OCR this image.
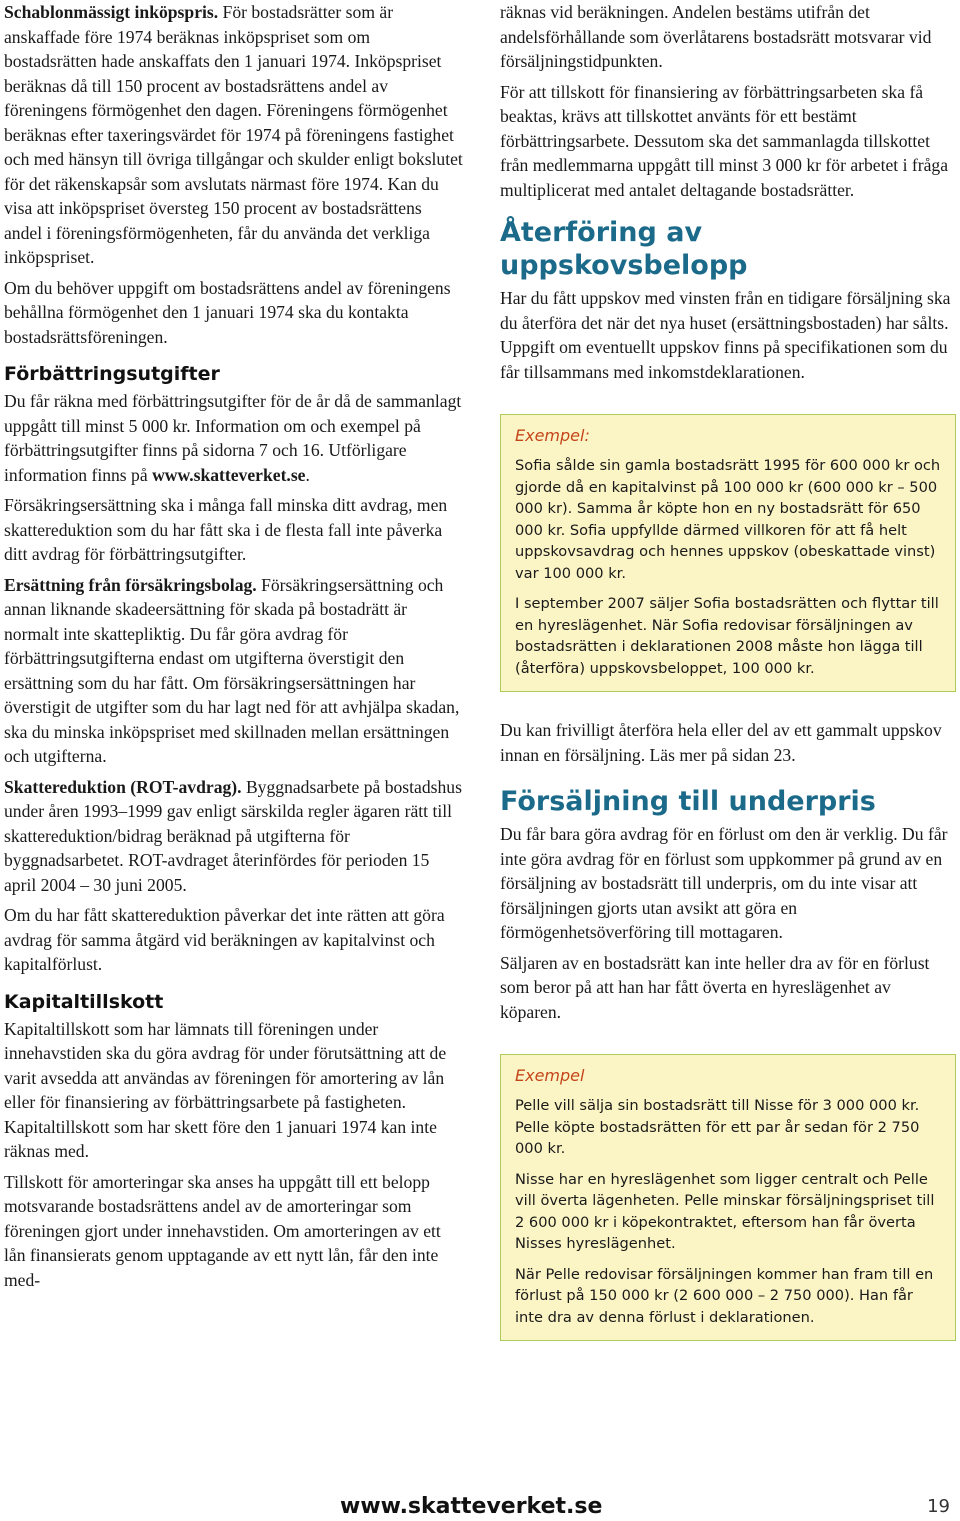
Schablonmässigt inköpspris. För bostadsrätter som är anskaffade före 1974 beräknas inköpspriset som om bostadsrätten hade anskaffats den 1 januari 1974. Inköpspriset beräknas då till 150 procent av bostadsrättens andel av föreningens förmögenhet den dagen. Föreningens förmögenhet beräknas efter taxeringsvärdet för 1974 på föreningens fastighet och med hänsyn till övriga tillgångar och skulder enligt bokslutet för det räkenskapsår som avslutats närmast före 1974. Kan du visa att inköpspriset översteg 150 procent av bostadsrättens andel i föreningsförmögenheten, får du använda det verkliga inköpspriset.

Om du behöver uppgift om bostadsrättens andel av föreningens behållna förmögenhet den 1 januari 1974 ska du kontakta bostadsrättsföreningen.

Förbättringsutgifter

Du får räkna med förbättringsutgifter för de år då de sammanlagt uppgått till minst 5 000 kr. Information om och exempel på förbättringsutgifter finns på sidorna 7 och 16. Utförligare information finns på www.skatteverket.se.

Försäkringsersättning ska i många fall minska ditt avdrag, men skattereduktion som du har fått ska i de flesta fall inte påverka ditt avdrag för förbättringsutgifter.

Ersättning från försäkringsbolag. Försäkringsersättning och annan liknande skadeersättning för skada på bostadrätt är normalt inte skattepliktig. Du får göra avdrag för förbättringsutgifterna endast om utgifterna överstigit den ersättning som du har fått. Om försäkringsersättningen har överstigit de utgifter som du har lagt ned för att avhjälpa skadan, ska du minska inköpspriset med skillnaden mellan ersättningen och utgifterna.

Skattereduktion (ROT-avdrag). Byggnadsarbete på bostadshus under åren 1993–1999 gav enligt särskilda regler ägaren rätt till skattereduktion/bidrag beräknad på utgifterna för byggnadsarbetet. ROT-avdraget återinfördes för perioden 15 april 2004 – 30 juni 2005.

Om du har fått skattereduktion påverkar det inte rätten att göra avdrag för samma åtgärd vid beräkningen av kapitalvinst och kapitalförlust.

Kapitaltillskott

Kapitaltillskott som har lämnats till föreningen under innehavstiden ska du göra avdrag för under förutsättning att de varit avsedda att användas av föreningen för amortering av lån eller för finansiering av förbättringsarbete på fastigheten. Kapitaltillskott som har skett före den 1 januari 1974 kan inte räknas med.

Tillskott för amorteringar ska anses ha uppgått till ett belopp motsvarande bostadsrättens andel av de amorteringar som föreningen gjort under innehavstiden. Om amorteringen av ett lån finansierats genom upptagande av ett nytt lån, får den inte med-

räknas vid beräkningen. Andelen bestäms utifrån det andelsförhållande som överlåtarens bostadsrätt motsvarar vid försäljningstidpunkten.

För att tillskott för finansiering av förbättringsarbeten ska få beaktas, krävs att tillskottet använts för ett bestämt förbättringsarbete. Dessutom ska det sammanlagda tillskottet från medlemmarna uppgått till minst 3 000 kr för arbetet i fråga multiplicerat med antalet deltagande bostadsrätter.

Återföring av uppskovsbelopp

Har du fått uppskov med vinsten från en tidigare försäljning ska du återföra det när det nya huset (ersättningsbostaden) har sålts. Uppgift om eventuellt uppskov finns på specifikationen som du får tillsammans med inkomstdeklarationen.

Exempel:

Sofia sålde sin gamla bostadsrätt 1995 för 600 000 kr och gjorde då en kapitalvinst på 100 000 kr (600 000 kr – 500 000 kr). Samma år köpte hon en ny bostadsrätt för 650 000 kr. Sofia uppfyllde därmed villkoren för att få helt uppskovsavdrag och hennes uppskov (obeskattade vinst) var 100 000 kr.

I september 2007 säljer Sofia bostadsrätten och flyttar till en hyreslägenhet. När Sofia redovisar försäljningen av bostadsrätten i deklarationen 2008 måste hon lägga till (återföra) uppskovsbeloppet, 100 000 kr.

Du kan frivilligt återföra hela eller del av ett gammalt uppskov innan en försäljning. Läs mer på sidan 23.

Försäljning till underpris

Du får bara göra avdrag för en förlust om den är verklig. Du får inte göra avdrag för en förlust som uppkommer på grund av en försäljning av bostadsrätt till underpris, om du inte visar att försäljningen gjorts utan avsikt att göra en förmögenhetsöverföring till mottagaren.

Säljaren av en bostadsrätt kan inte heller dra av för en förlust som beror på att han har fått överta en hyreslägenhet av köparen.

Exempel

Pelle vill sälja sin bostadsrätt till Nisse för 3 000 000 kr. Pelle köpte bostadsrätten för ett par år sedan för 2 750 000 kr.

Nisse har en hyreslägenhet som ligger centralt och Pelle vill överta lägenheten. Pelle minskar försäljningspriset till 2 600 000 kr i köpekontraktet, eftersom han får överta Nisses hyreslägenhet.

När Pelle redovisar försäljningen kommer han fram till en förlust på 150 000 kr (2 600 000 – 2 750 000). Han får inte dra av denna förlust i deklarationen.

www.skatteverket.se	19
